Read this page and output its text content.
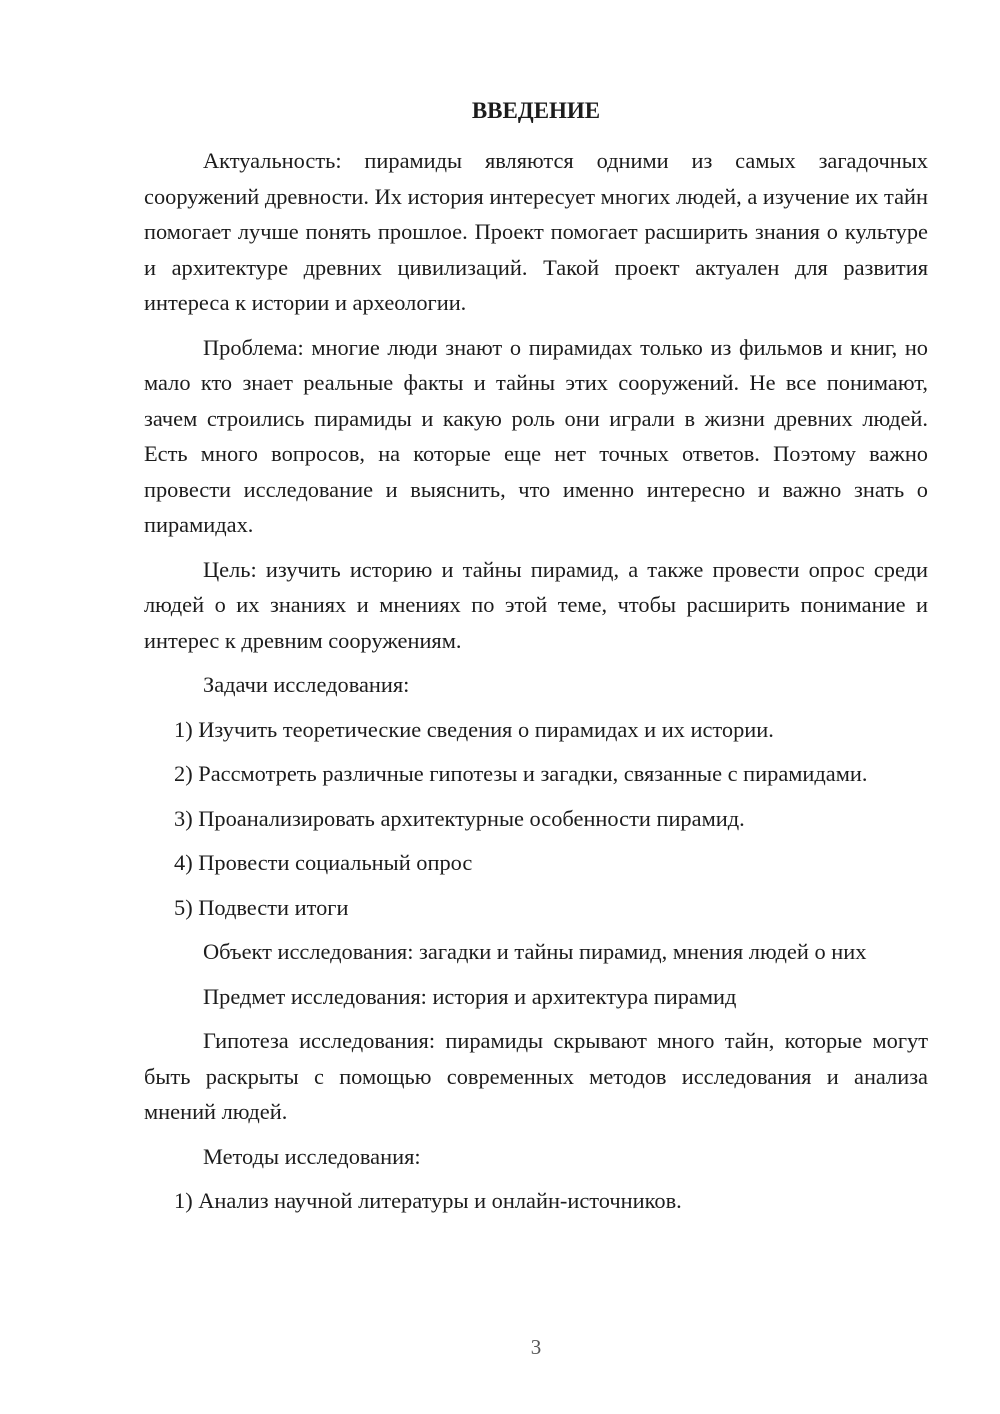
ВВЕДЕНИЕ

Актуальность: пирамиды являются одними из самых загадочных сооружений древности. Их история интересует многих людей, а изучение их тайн помогает лучше понять прошлое. Проект помогает расширить знания о культуре и архитектуре древних цивилизаций. Такой проект актуален для развития интереса к истории и археологии.

Проблема: многие люди знают о пирамидах только из фильмов и книг, но мало кто знает реальные факты и тайны этих сооружений. Не все понимают, зачем строились пирамиды и какую роль они играли в жизни древних людей. Есть много вопросов, на которые еще нет точных ответов. Поэтому важно провести исследование и выяснить, что именно интересно и важно знать о пирамидах.

Цель: изучить историю и тайны пирамид, а также провести опрос среди людей о их знаниях и мнениях по этой теме, чтобы расширить понимание и интерес к древним сооружениям.

Задачи исследования:

1) Изучить теоретические сведения о пирамидах и их истории.

2) Рассмотреть различные гипотезы и загадки, связанные с пирамидами.

3) Проанализировать архитектурные особенности пирамид.

4) Провести социальный опрос

5) Подвести итоги

Объект исследования: загадки и тайны пирамид, мнения людей о них

Предмет исследования: история и архитектура пирамид

Гипотеза исследования: пирамиды скрывают много тайн, которые могут быть раскрыты с помощью современных методов исследования и анализа мнений людей.

Методы исследования:

1) Анализ научной литературы и онлайн-источников.

3
